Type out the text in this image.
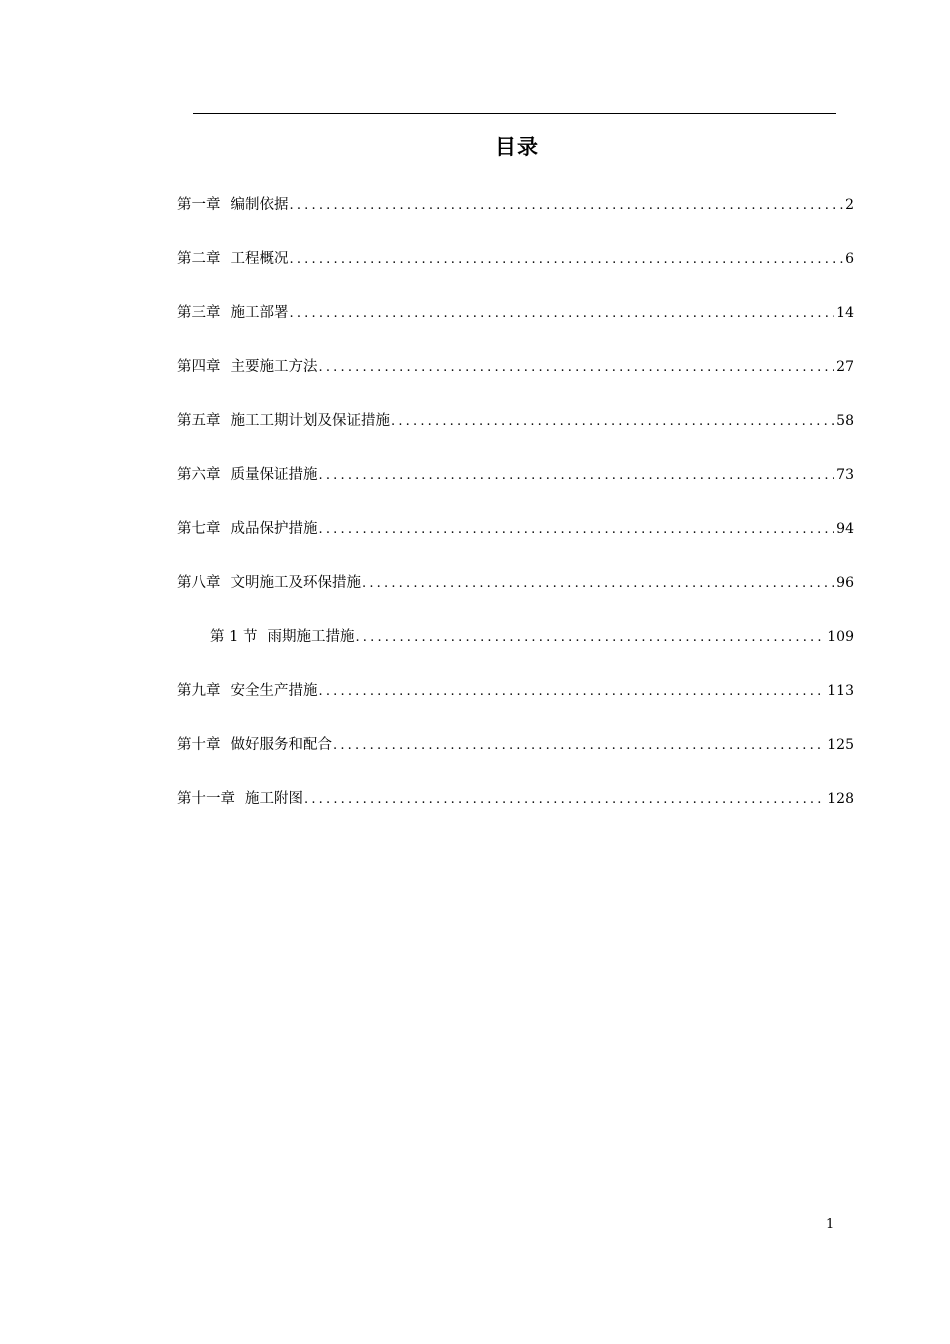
目录
第一章 编制依据 .....	2
第二章 工程概况 .....	6
第三章 施工部署 .....	14
第四章 主要施工方法 .....	27
第五章 施工工期计划及保证措施 .....	58
第六章 质量保证措施 .....	73
第七章 成品保护措施 .....	94
第八章 文明施工及环保措施 .....	96
第 1 节 雨期施工措施 .....	109
第九章 安全生产措施 .....	113
第十章 做好服务和配合 .....	125
第十一章 施工附图 .....	128
1
